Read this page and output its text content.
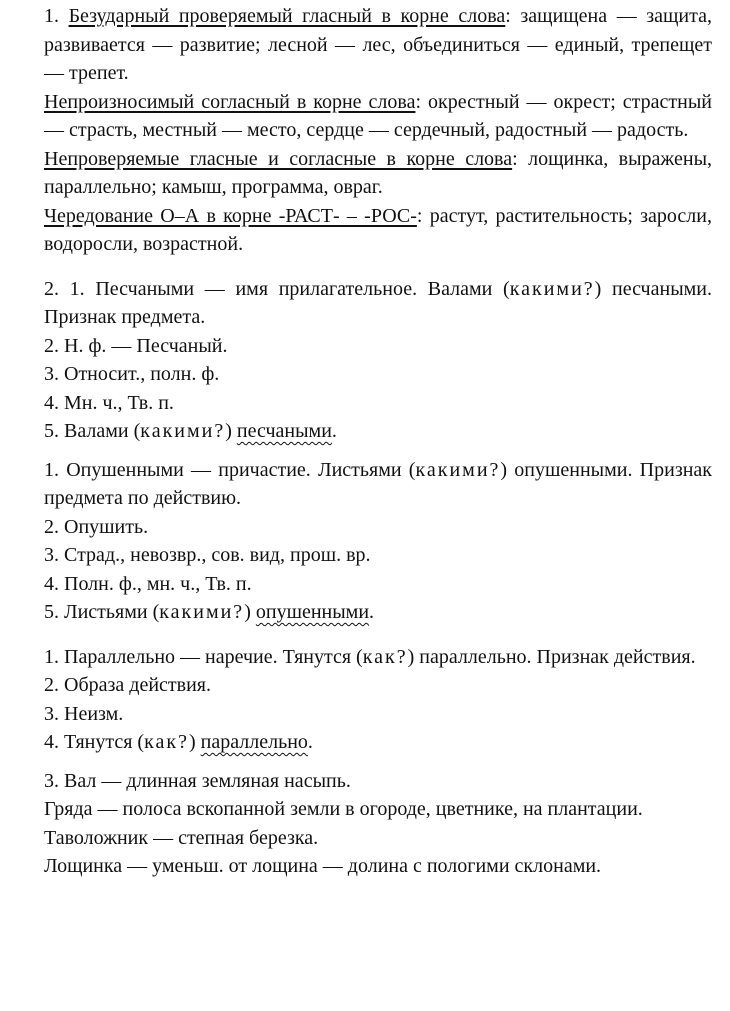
1. Безударный проверяемый гласный в корне слова: защищена — защита, развивается — развитие; лесной — лес, объединиться — единый, трепещет — трепет.

Непроизносимый согласный в корне слова: окрестный — окрест; страстный — страсть, местный — место, сердце — сердечный, радостный — радость.

Непроверяемые гласные и согласные в корне слова: лощинка, выражены, параллельно; камыш, программа, овраг.

Чередование О–А в корне -РАСТ- – -РОС-: растут, растительность; заросли, водоросли, возрастной.

2. 1. Песчаными — имя прилагательное. Валами (какими?) песчаными. Признак предмета.

2. Н. ф. — Песчаный.

3. Относит., полн. ф.

4. Мн. ч., Тв. п.

5. Валами (какими?) песчаными.

1. Опушенными — причастие. Листьями (какими?) опушенными. Признак предмета по действию.

2. Опушить.

3. Страд., невозвр., сов. вид, прош. вр.

4. Полн. ф., мн. ч., Тв. п.

5. Листьями (какими?) опушенными.

1. Параллельно — наречие. Тянутся (как?) параллельно. Признак действия.

2. Образа действия.

3. Неизм.

4. Тянутся (как?) параллельно.

3. Вал — длинная земляная насыпь.

Гряда — полоса вскопанной земли в огороде, цветнике, на плантации.

Таволожник — степная березка.

Лощинка — уменьш. от лощина — долина с пологими склонами.
